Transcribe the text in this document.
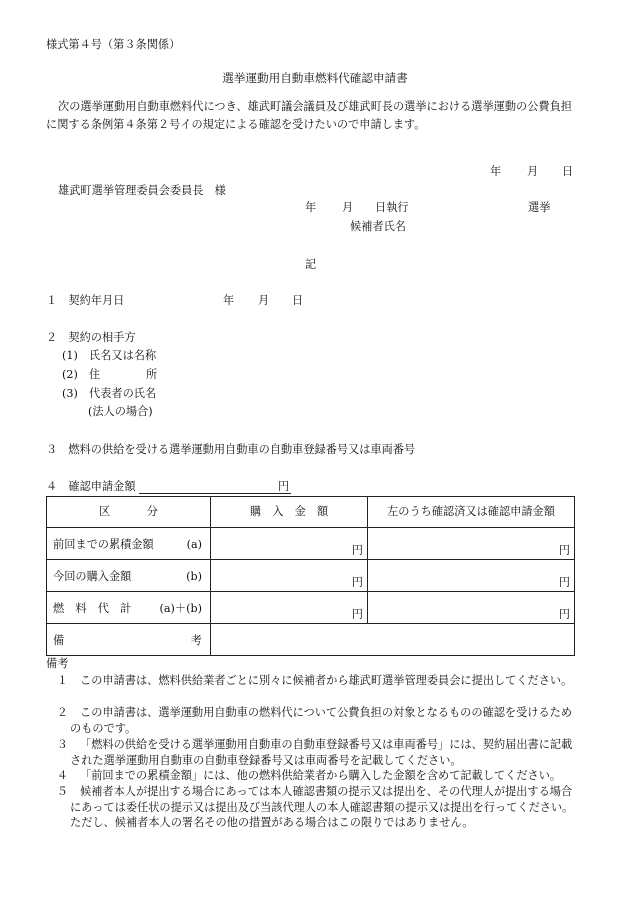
様式第４号（第３条関係）
選挙運動用自動車燃料代確認申請書
次の選挙運動用自動車燃料代につき、雄武町議会議員及び雄武町長の選挙における選挙運動の公費負担に関する条例第４条第２号イの規定による確認を受けたいので申請します。
年 月 日
雄武町選挙管理委員会委員長　様
年 月 日執行	選挙
候補者氏名
記
１　契約年月日	年 月 日
２　契約の相手方
(1)　氏名又は名称
(2)　住	所
(3)　代表者の氏名
(法人の場合)
３　燃料の供給を受ける選挙運動用自動車の自動車登録番号又は車両番号
４　確認申請金額	円
区 分	購　入　金　額	左のうち確認済又は確認申請金額

前回までの累積金額 (a)	円	円

今回の購入金額 (b)	円	円

燃　料　代　計 (a)＋(b)	円	円

備 考		

備考
１ この申請書は、燃料供給業者ごとに別々に候補者から雄武町選挙管理委員会に提出してください。
２ この申請書は、選挙運動用自動車の燃料代について公費負担の対象となるものの確認を受けるためのものです。
３ 「燃料の供給を受ける選挙運動用自動車の自動車登録番号又は車両番号」には、契約届出書に記載された選挙運動用自動車の自動車登録番号又は車両番号を記載してください。
４ 「前回までの累積金額」には、他の燃料供給業者から購入した金額を含めて記載してください。
５ 候補者本人が提出する場合にあっては本人確認書類の提示又は提出を、その代理人が提出する場合にあっては委任状の提示又は提出及び当該代理人の本人確認書類の提示又は提出を行ってください。ただし、候補者本人の署名その他の措置がある場合はこの限りではありません。
